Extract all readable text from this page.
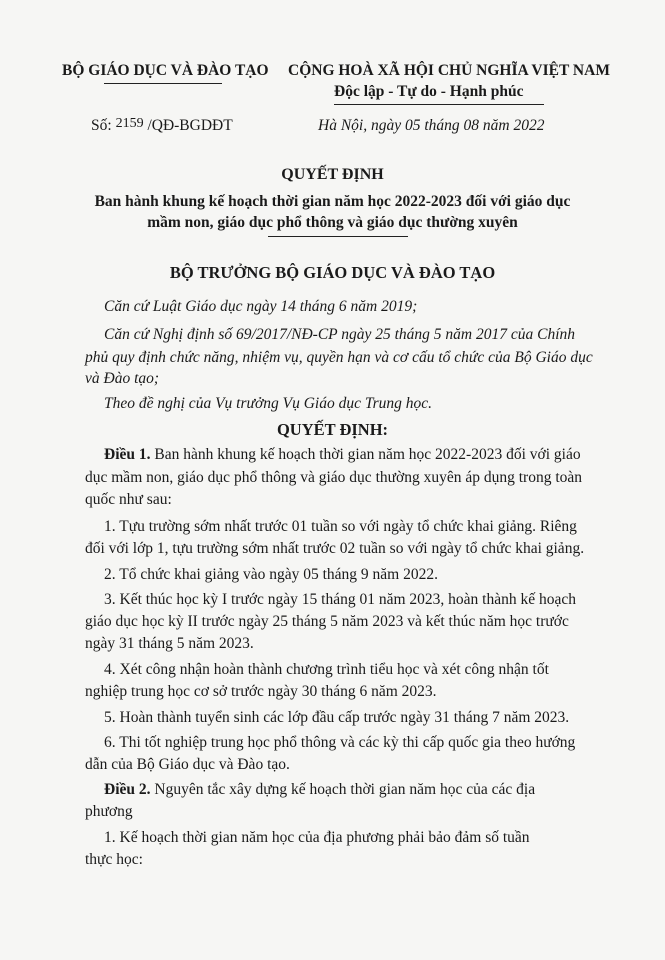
BỘ GIÁO DỤC VÀ ĐÀO TẠO CỘNG HOÀ XÃ HỘI CHỦ NGHĨA VIỆT NAM
Độc lập - Tự do - Hạnh phúc
Số: 2159 /QĐ-BGDĐT	Hà Nội, ngày 05 tháng 08 năm 2022
QUYẾT ĐỊNH
Ban hành khung kế hoạch thời gian năm học 2022-2023 đối với giáo dục
mầm non, giáo dục phổ thông và giáo dục thường xuyên
BỘ TRƯỞNG BỘ GIÁO DỤC VÀ ĐÀO TẠO
Căn cứ Luật Giáo dục ngày 14 tháng 6 năm 2019;
Căn cứ Nghị định số 69/2017/NĐ-CP ngày 25 tháng 5 năm 2017 của Chính
phủ quy định chức năng, nhiệm vụ, quyền hạn và cơ cấu tổ chức của Bộ Giáo dục
và Đào tạo;
Theo đề nghị của Vụ trưởng Vụ Giáo dục Trung học.
QUYẾT ĐỊNH:
Điều 1. Ban hành khung kế hoạch thời gian năm học 2022-2023 đối với giáo
dục mầm non, giáo dục phổ thông và giáo dục thường xuyên áp dụng trong toàn
quốc như sau:
1. Tựu trường sớm nhất trước 01 tuần so với ngày tổ chức khai giảng. Riêng
đối với lớp 1, tựu trường sớm nhất trước 02 tuần so với ngày tổ chức khai giảng.
2. Tổ chức khai giảng vào ngày 05 tháng 9 năm 2022.
3. Kết thúc học kỳ I trước ngày 15 tháng 01 năm 2023, hoàn thành kế hoạch
giáo dục học kỳ II trước ngày 25 tháng 5 năm 2023 và kết thúc năm học trước
ngày 31 tháng 5 năm 2023.
4. Xét công nhận hoàn thành chương trình tiểu học và xét công nhận tốt
nghiệp trung học cơ sở trước ngày 30 tháng 6 năm 2023.
5. Hoàn thành tuyển sinh các lớp đầu cấp trước ngày 31 tháng 7 năm 2023.
6. Thi tốt nghiệp trung học phổ thông và các kỳ thi cấp quốc gia theo hướng
dẫn của Bộ Giáo dục và Đào tạo.
Điều 2. Nguyên tắc xây dựng kế hoạch thời gian năm học của các địa
phương
1. Kế hoạch thời gian năm học của địa phương phải bảo đảm số tuần
thực học:
